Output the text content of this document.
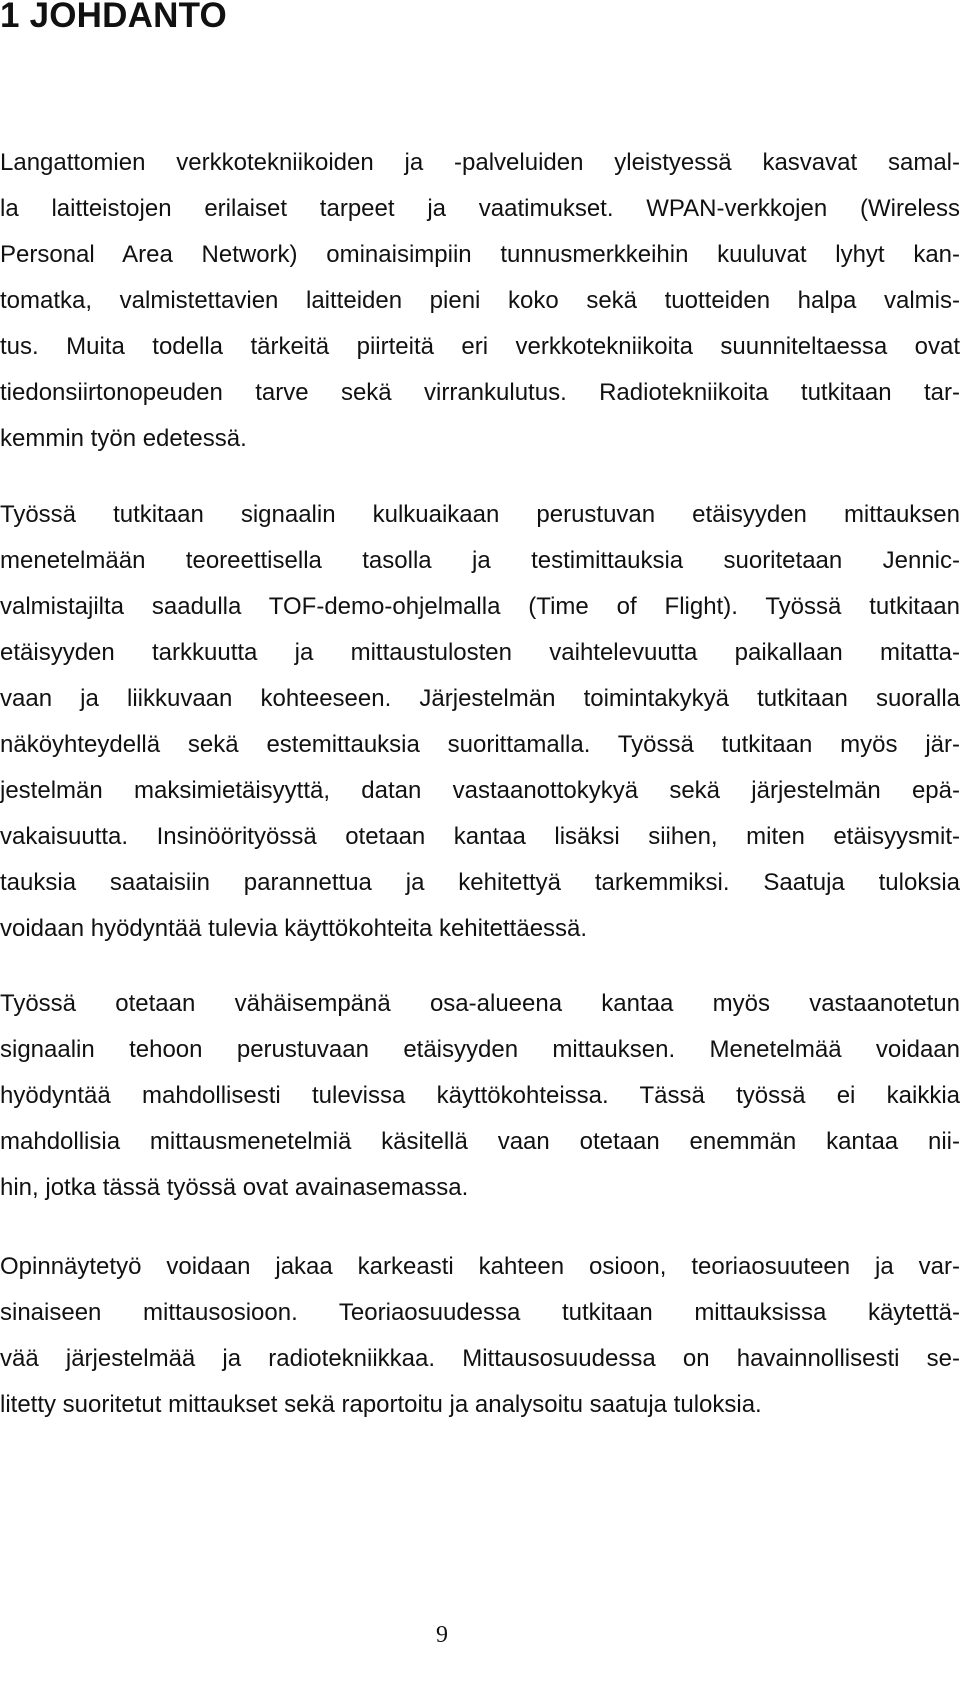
1 JOHDANTO
Langattomien verkkotekniikoiden ja -palveluiden yleistyessä kasvavat samal-
la laitteistojen erilaiset tarpeet ja vaatimukset. WPAN-verkkojen (Wireless
Personal Area Network) ominaisimpiin tunnusmerkkeihin kuuluvat lyhyt kan-
tomatka, valmistettavien laitteiden pieni koko sekä tuotteiden halpa valmis-
tus. Muita todella tärkeitä piirteitä eri verkkotekniikoita suunniteltaessa ovat
tiedonsiirtonopeuden tarve sekä virrankulutus. Radiotekniikoita tutkitaan tar-
kemmin työn edetessä.
Työssä tutkitaan signaalin kulkuaikaan perustuvan etäisyyden mittauksen
menetelmään teoreettisella tasolla ja testimittauksia suoritetaan Jennic-
valmistajilta saadulla TOF-demo-ohjelmalla (Time of Flight). Työssä tutkitaan
etäisyyden tarkkuutta ja mittaustulosten vaihtelevuutta paikallaan mitatta-
vaan ja liikkuvaan kohteeseen. Järjestelmän toimintakykyä tutkitaan suoralla
näköyhteydellä sekä estemittauksia suorittamalla. Työssä tutkitaan myös jär-
jestelmän maksimietäisyyttä, datan vastaanottokykyä sekä järjestelmän epä-
vakaisuutta. Insinöörityössä otetaan kantaa lisäksi siihen, miten etäisyysmit-
tauksia saataisiin parannettua ja kehitettyä tarkemmiksi. Saatuja tuloksia
voidaan hyödyntää tulevia käyttökohteita kehitettäessä.
Työssä otetaan vähäisempänä osa-alueena kantaa myös vastaanotetun
signaalin tehoon perustuvaan etäisyyden mittauksen. Menetelmää voidaan
hyödyntää mahdollisesti tulevissa käyttökohteissa. Tässä työssä ei kaikkia
mahdollisia mittausmenetelmiä käsitellä vaan otetaan enemmän kantaa nii-
hin, jotka tässä työssä ovat avainasemassa.
Opinnäytetyö voidaan jakaa karkeasti kahteen osioon, teoriaosuuteen ja var-
sinaiseen mittausosioon. Teoriaosuudessa tutkitaan mittauksissa käytettä-
vää järjestelmää ja radiotekniikkaa. Mittausosuudessa on havainnollisesti se-
litetty suoritetut mittaukset sekä raportoitu ja analysoitu saatuja tuloksia.
9
